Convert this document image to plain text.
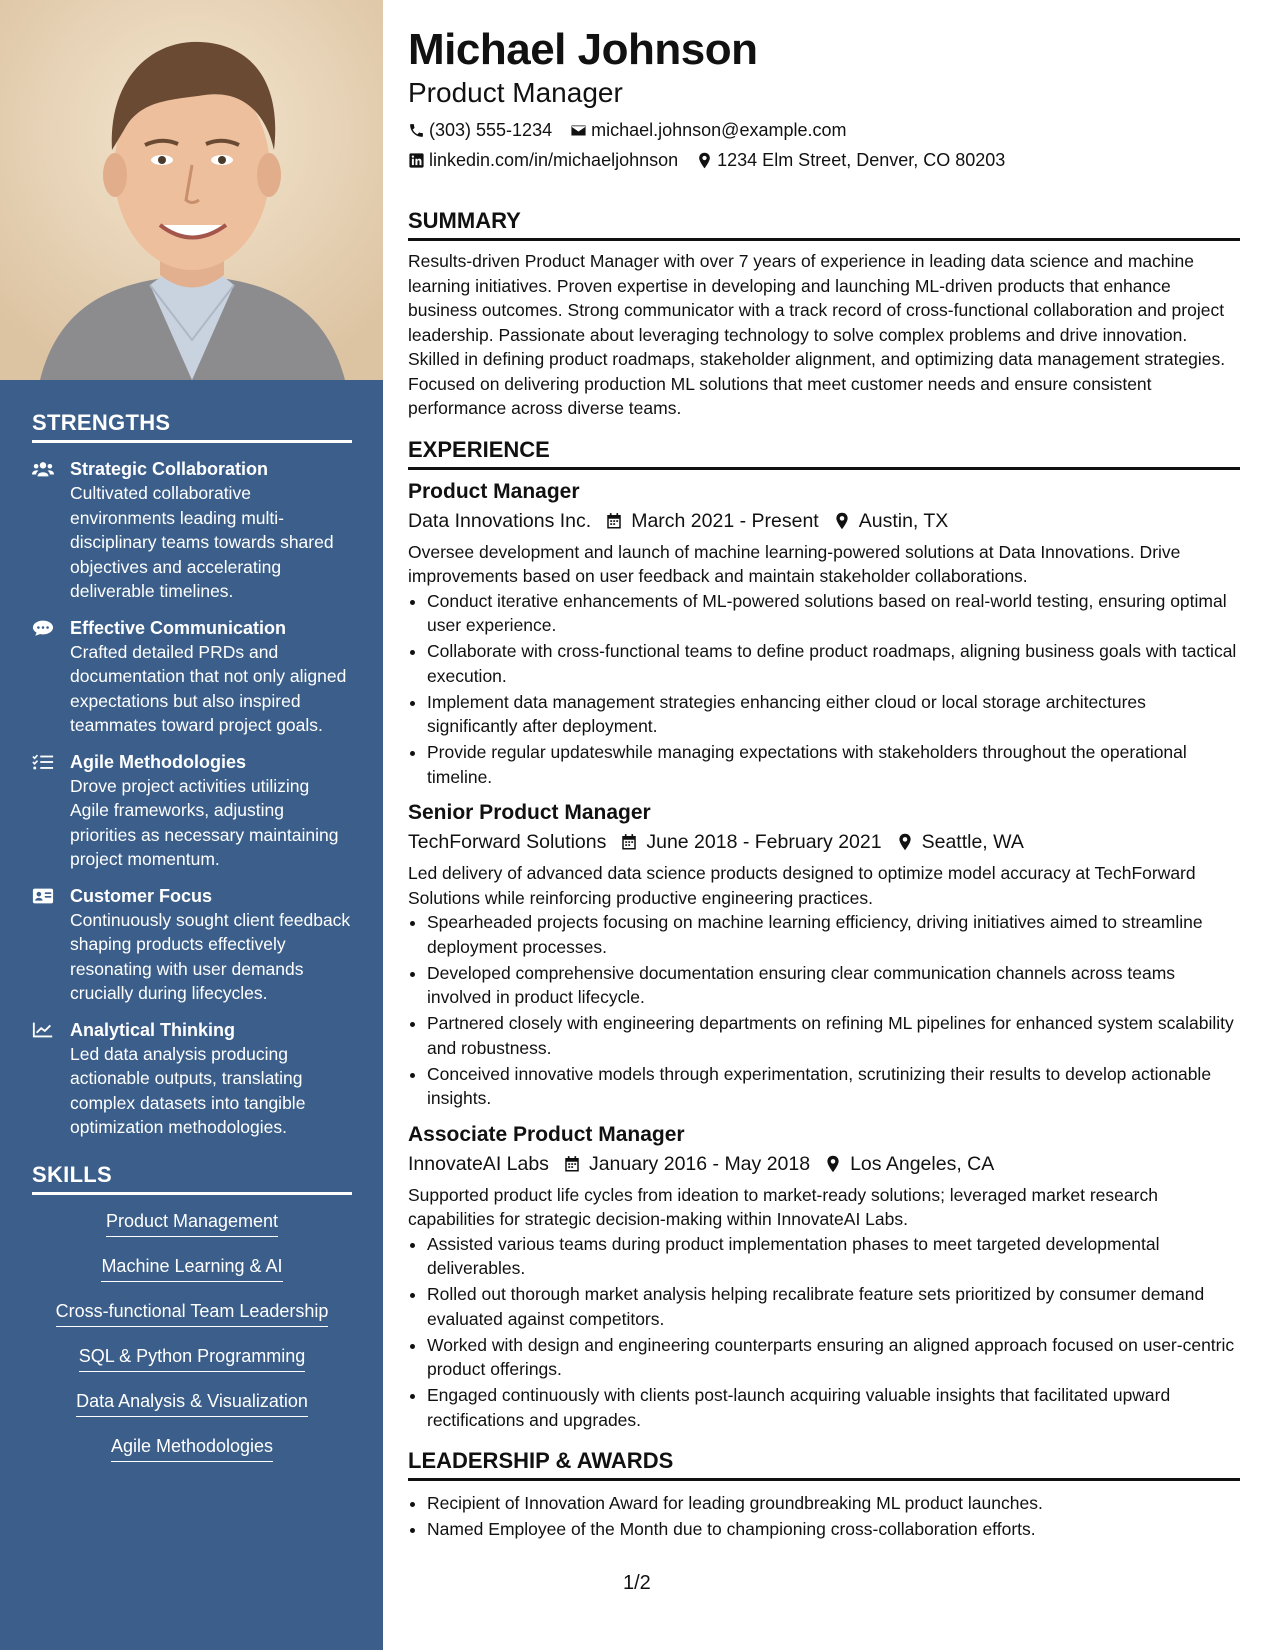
STRENGTHS
Strategic Collaboration
Cultivated collaborative environments leading multi-disciplinary teams towards shared objectives and accelerating deliverable timelines.
Effective Communication
Crafted detailed PRDs and documentation that not only aligned expectations but also inspired teammates toward project goals.
Agile Methodologies
Drove project activities utilizing Agile frameworks, adjusting priorities as necessary maintaining project momentum.
Customer Focus
Continuously sought client feedback shaping products effectively resonating with user demands crucially during lifecycles.
Analytical Thinking
Led data analysis producing actionable outputs, translating complex datasets into tangible optimization methodologies.
SKILLS
Product Management
Machine Learning & AI
Cross-functional Team Leadership
SQL & Python Programming
Data Analysis & Visualization
Agile Methodologies
Michael Johnson
Product Manager
(303) 555-1234 michael.johnson@example.com
linkedin.com/in/michaeljohnson 1234 Elm Street, Denver, CO 80203
SUMMARY

Results-driven Product Manager with over 7 years of experience in leading data science and machine learning initiatives. Proven expertise in developing and launching ML-driven products that enhance business outcomes. Strong communicator with a track record of cross-functional collaboration and project leadership. Passionate about leveraging technology to solve complex problems and drive innovation. Skilled in defining product roadmaps, stakeholder alignment, and optimizing data management strategies. Focused on delivering production ML solutions that meet customer needs and ensure consistent performance across diverse teams.

EXPERIENCE
Product Manager
Data Innovations Inc. March 2021 - Present Austin, TX

Oversee development and launch of machine learning-powered solutions at Data Innovations. Drive improvements based on user feedback and maintain stakeholder collaborations.

• Conduct iterative enhancements of ML-powered solutions based on real-world testing, ensuring optimal user experience.
• Collaborate with cross-functional teams to define product roadmaps, aligning business goals with tactical execution.
• Implement data management strategies enhancing either cloud or local storage architectures significantly after deployment.
• Provide regular updateswhile managing expectations with stakeholders throughout the operational timeline.
Senior Product Manager
TechForward Solutions June 2018 - February 2021 Seattle, WA

Led delivery of advanced data science products designed to optimize model accuracy at TechForward Solutions while reinforcing productive engineering practices.

• Spearheaded projects focusing on machine learning efficiency, driving initiatives aimed to streamline deployment processes.
• Developed comprehensive documentation ensuring clear communication channels across teams involved in product lifecycle.
• Partnered closely with engineering departments on refining ML pipelines for enhanced system scalability and robustness.
• Conceived innovative models through experimentation, scrutinizing their results to develop actionable insights.
Associate Product Manager
InnovateAI Labs January 2016 - May 2018 Los Angeles, CA

Supported product life cycles from ideation to market-ready solutions; leveraged market research capabilities for strategic decision-making within InnovateAI Labs.

• Assisted various teams during product implementation phases to meet targeted developmental deliverables.
• Rolled out thorough market analysis helping recalibrate feature sets prioritized by consumer demand evaluated against competitors.
• Worked with design and engineering counterparts ensuring an aligned approach focused on user-centric product offerings.
• Engaged continuously with clients post-launch acquiring valuable insights that facilitated upward rectifications and upgrades.
LEADERSHIP & AWARDS
• Recipient of Innovation Award for leading groundbreaking ML product launches.
• Named Employee of the Month due to championing cross-collaboration efforts.
1/2
